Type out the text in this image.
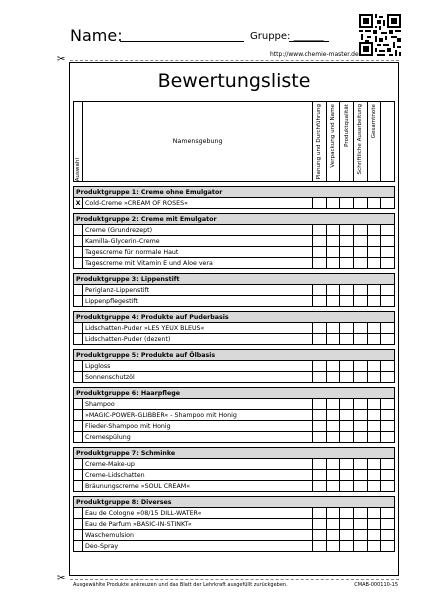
Name:	Gruppe: ______
http://www.chemie-master.de
✂
Bewertungsliste
Auswahl	Namensgebung	Planung und Durchführung	Verpackung und Name	Produktqualität	Schriftliche Ausarbeitung	Gesamtnote	

Produktgruppe 1: Creme ohne Emulgator							
X	Cold-Creme »CREAM OF ROSES«						

Produktgruppe 2: Creme mit Emulgator							
	Creme (Grundrezept)						
	Kamilla-Glycerin-Creme						
	Tagescreme für normale Haut						
	Tagescreme mit Vitamin E und Aloe vera						

Produktgruppe 3: Lippenstift							
	Periglanz-Lippenstift						
	Lippenpflegestift						

Produktgruppe 4: Produkte auf Puderbasis							
	Lidschatten-Puder »LES YEUX BLEUS«						
	Lidschatten-Puder (dezent)						

Produktgruppe 5: Produkte auf Ölbasis							
	Lipgloss						
	Sonnenschutzöl						

Produktgruppe 6: Haarpflege							
	Shampoo						
	»MAGIC-POWER-GLIBBER« - Shampoo mit Honig						
	Flieder-Shampoo mit Honig						
	Cremespülung						

Produktgruppe 7: Schminke							
	Creme-Make-up						
	Creme-Lidschatten						
	Bräunungscreme »SOUL CREAM«						

Produktgruppe 8: Diverses							
	Eau de Cologne »08/15 DILL-WATER«						
	Eau de Parfum »BASIC-IN-STINKT«						
	Waschemulsion						
	Deo-Spray						
✂
Ausgewählte Produkte ankreuzen und das Blatt der Lehrkraft ausgefüllt zurückgeben.	CMAB-000110-15
